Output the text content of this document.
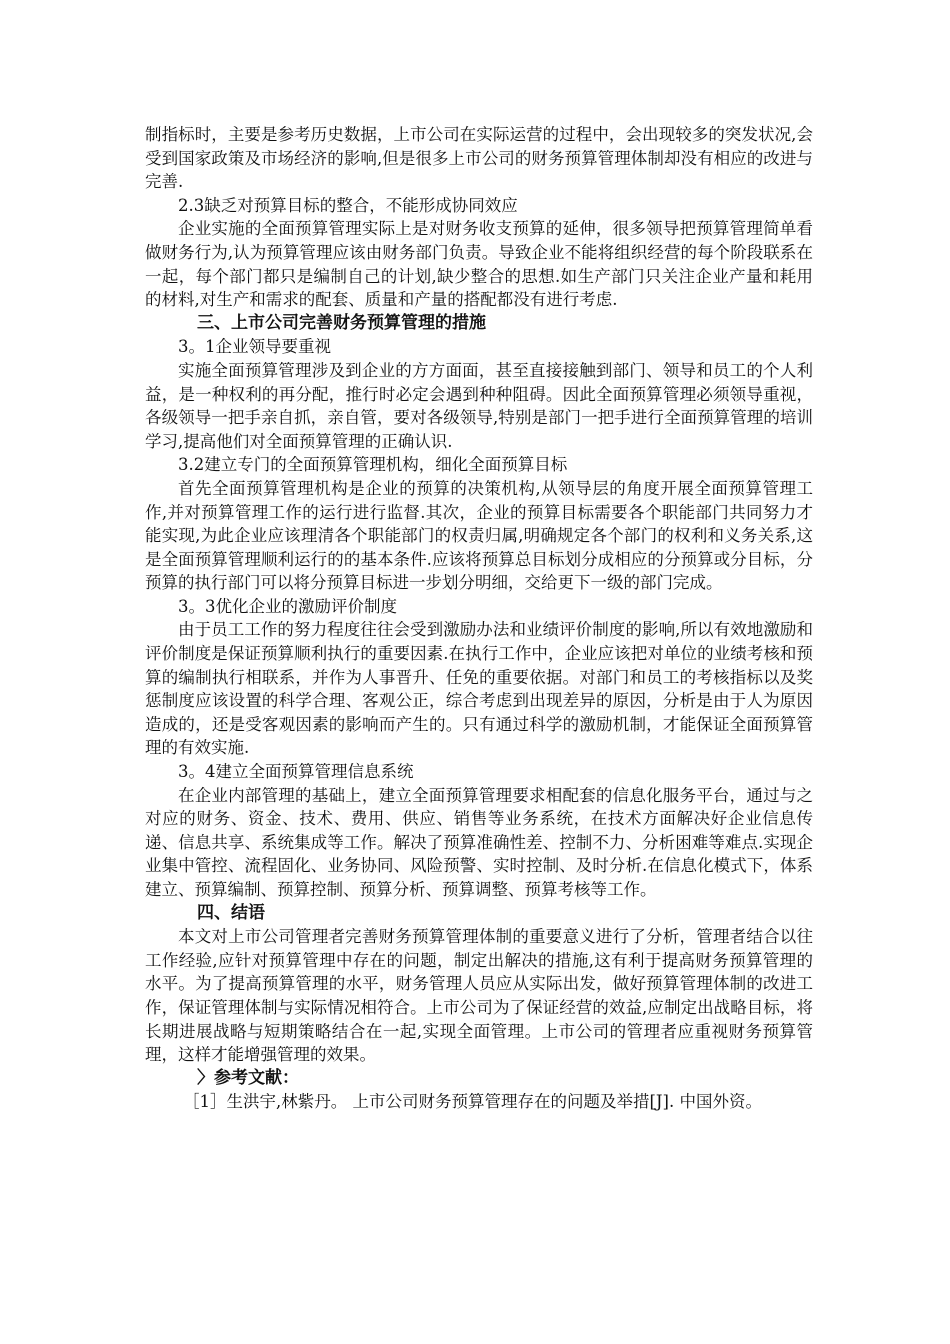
制指标时，主要是参考历史数据，上市公司在实际运营的过程中，会出现较多的突发状况,会受到国家政策及市场经济的影响,但是很多上市公司的财务预算管理体制却没有相应的改进与完善.

2.3缺乏对预算目标的整合，不能形成协同效应

企业实施的全面预算管理实际上是对财务收支预算的延伸，很多领导把预算管理简单看做财务行为,认为预算管理应该由财务部门负责。导致企业不能将组织经营的每个阶段联系在一起，每个部门都只是编制自己的计划,缺少整合的思想.如生产部门只关注企业产量和耗用的材料,对生产和需求的配套、质量和产量的搭配都没有进行考虑.

三、上市公司完善财务预算管理的措施

3。1企业领导要重视

实施全面预算管理涉及到企业的方方面面，甚至直接接触到部门、领导和员工的个人利益，是一种权利的再分配，推行时必定会遇到种种阻碍。因此全面预算管理必须领导重视，各级领导一把手亲自抓，亲自管，要对各级领导,特别是部门一把手进行全面预算管理的培训学习,提高他们对全面预算管理的正确认识.

3.2建立专门的全面预算管理机构，细化全面预算目标

首先全面预算管理机构是企业的预算的决策机构,从领导层的角度开展全面预算管理工作,并对预算管理工作的运行进行监督.其次，企业的预算目标需要各个职能部门共同努力才能实现,为此企业应该理清各个职能部门的权责归属,明确规定各个部门的权利和义务关系,这是全面预算管理顺利运行的的基本条件.应该将预算总目标划分成相应的分预算或分目标，分预算的执行部门可以将分预算目标进一步划分明细，交给更下一级的部门完成。

3。3优化企业的激励评价制度

由于员工工作的努力程度往往会受到激励办法和业绩评价制度的影响,所以有效地激励和评价制度是保证预算顺利执行的重要因素.在执行工作中，企业应该把对单位的业绩考核和预算的编制执行相联系，并作为人事晋升、任免的重要依据。对部门和员工的考核指标以及奖惩制度应该设置的科学合理、客观公正，综合考虑到出现差异的原因，分析是由于人为原因造成的，还是受客观因素的影响而产生的。只有通过科学的激励机制，才能保证全面预算管理的有效实施.

3。4建立全面预算管理信息系统

在企业内部管理的基础上，建立全面预算管理要求相配套的信息化服务平台，通过与之对应的财务、资金、技术、费用、供应、销售等业务系统，在技术方面解决好企业信息传递、信息共享、系统集成等工作。解决了预算准确性差、控制不力、分析困难等难点.实现企业集中管控、流程固化、业务协同、风险预警、实时控制、及时分析.在信息化模式下，体系建立、预算编制、预算控制、预算分析、预算调整、预算考核等工作。

四、结语

本文对上市公司管理者完善财务预算管理体制的重要意义进行了分析，管理者结合以往工作经验,应针对预算管理中存在的问题，制定出解决的措施,这有利于提高财务预算管理的水平。为了提高预算管理的水平，财务管理人员应从实际出发，做好预算管理体制的改进工作，保证管理体制与实际情况相符合。上市公司为了保证经营的效益,应制定出战略目标，将长期进展战略与短期策略结合在一起,实现全面管理。上市公司的管理者应重视财务预算管理，这样才能增强管理的效果。

〉参考文献：

［1］生洪宇,林紫丹。 上市公司财务预算管理存在的问题及举措[J]. 中国外资。
